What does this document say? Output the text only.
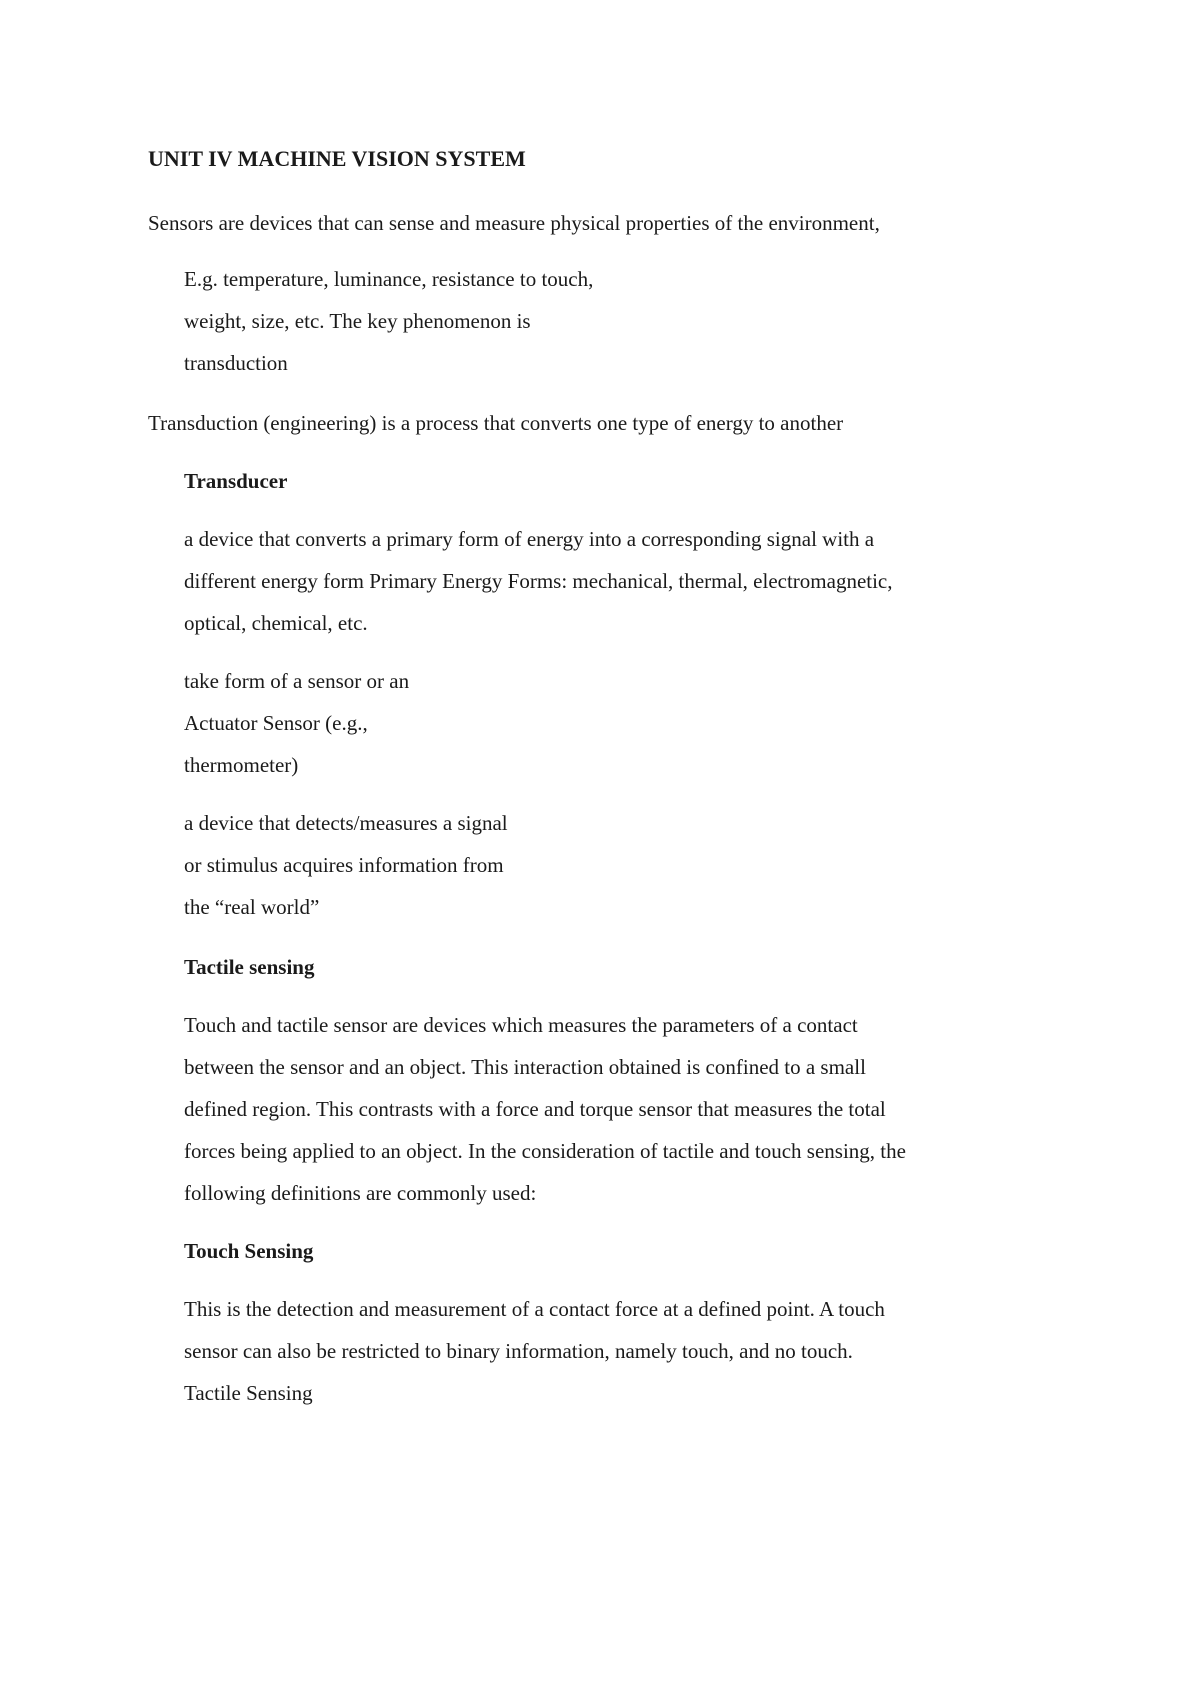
UNIT IV MACHINE VISION SYSTEM

Sensors are devices that can sense and measure physical properties of the environment,

E.g. temperature, luminance, resistance to touch,

weight, size, etc. The key phenomenon is

transduction

Transduction (engineering) is a process that converts one type of energy to another

Transducer

a device that converts a primary form of energy into a corresponding signal with a

different energy form Primary Energy Forms: mechanical, thermal, electromagnetic,

optical, chemical, etc.

take form of a sensor or an

Actuator Sensor (e.g.,

thermometer)

a device that detects/measures a signal

or stimulus acquires information from

the “real world”

Tactile sensing

Touch and tactile sensor are devices which measures the parameters of a contact

between the sensor and an object. This interaction obtained is confined to a small

defined region. This contrasts with a force and torque sensor that measures the total

forces being applied to an object. In the consideration of tactile and touch sensing, the

following definitions are commonly used:

Touch Sensing

This is the detection and measurement of a contact force at a defined point. A touch

sensor can also be restricted to binary information, namely touch, and no touch.

Tactile Sensing
